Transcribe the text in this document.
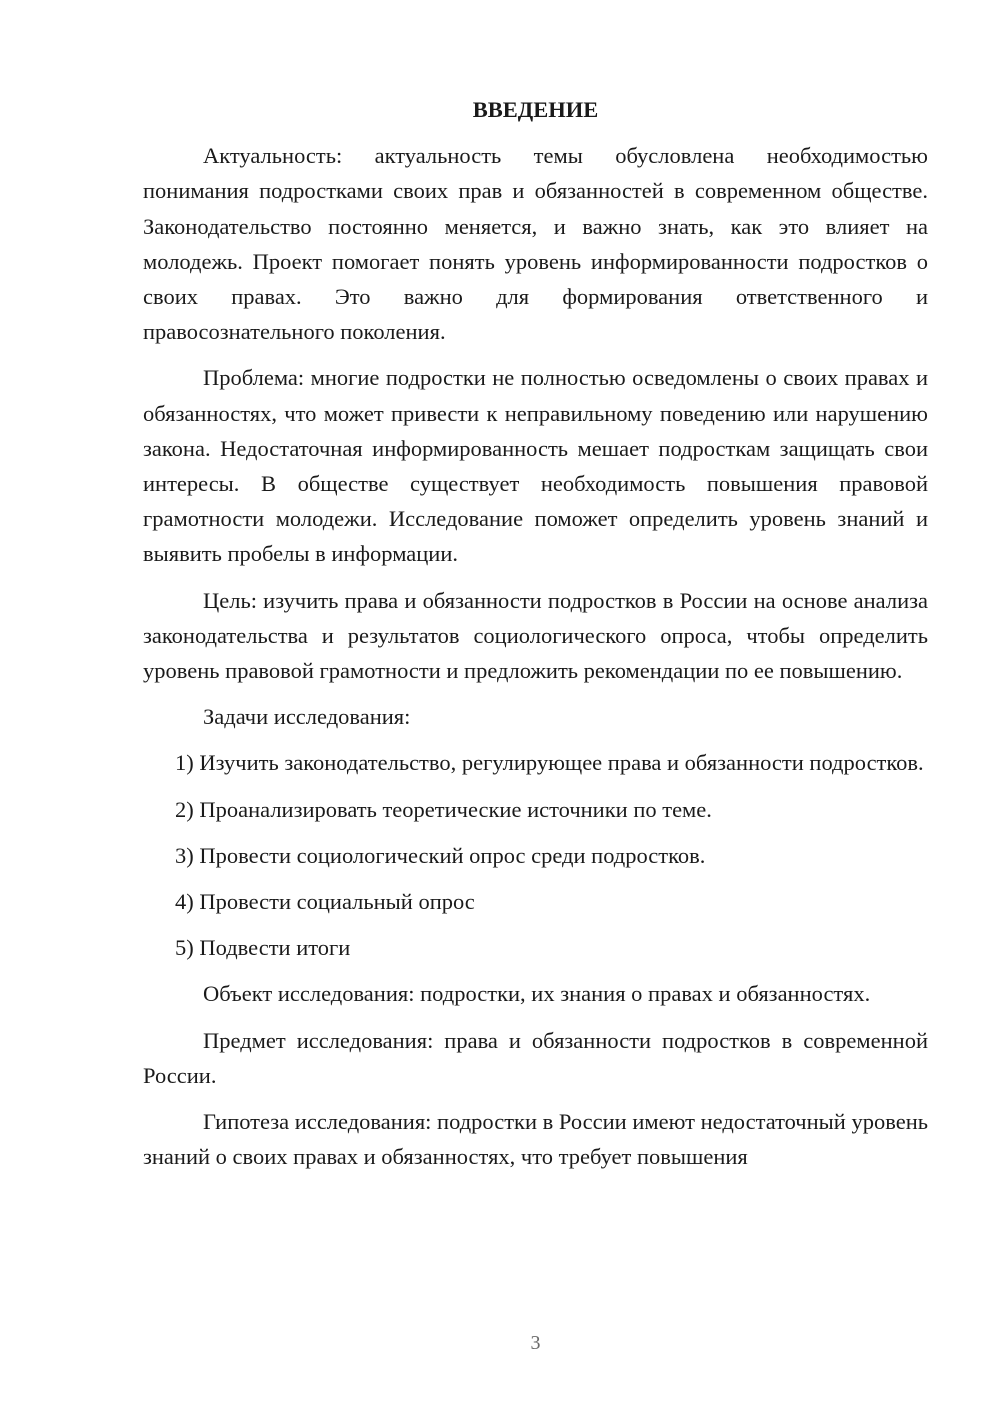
ВВЕДЕНИЕ

Актуальность: актуальность темы обусловлена необходимостью понимания подростками своих прав и обязанностей в современном обществе. Законодательство постоянно меняется, и важно знать, как это влияет на молодежь. Проект помогает понять уровень информированности подростков о своих правах. Это важно для формирования ответственного и правосознательного поколения.

Проблема: многие подростки не полностью осведомлены о своих правах и обязанностях, что может привести к неправильному поведению или нарушению закона. Недостаточная информированность мешает подросткам защищать свои интересы. В обществе существует необходимость повышения правовой грамотности молодежи. Исследование поможет определить уровень знаний и выявить пробелы в информации.

Цель: изучить права и обязанности подростков в России на основе анализа законодательства и результатов социологического опроса, чтобы определить уровень правовой грамотности и предложить рекомендации по ее повышению.

Задачи исследования:

1) Изучить законодательство, регулирующее права и обязанности подростков.

2) Проанализировать теоретические источники по теме.

3) Провести социологический опрос среди подростков.

4) Провести социальный опрос

5) Подвести итоги

Объект исследования: подростки, их знания о правах и обязанностях.

Предмет исследования: права и обязанности подростков в современной России.

Гипотеза исследования: подростки в России имеют недостаточный уровень знаний о своих правах и обязанностях, что требует повышения

3
